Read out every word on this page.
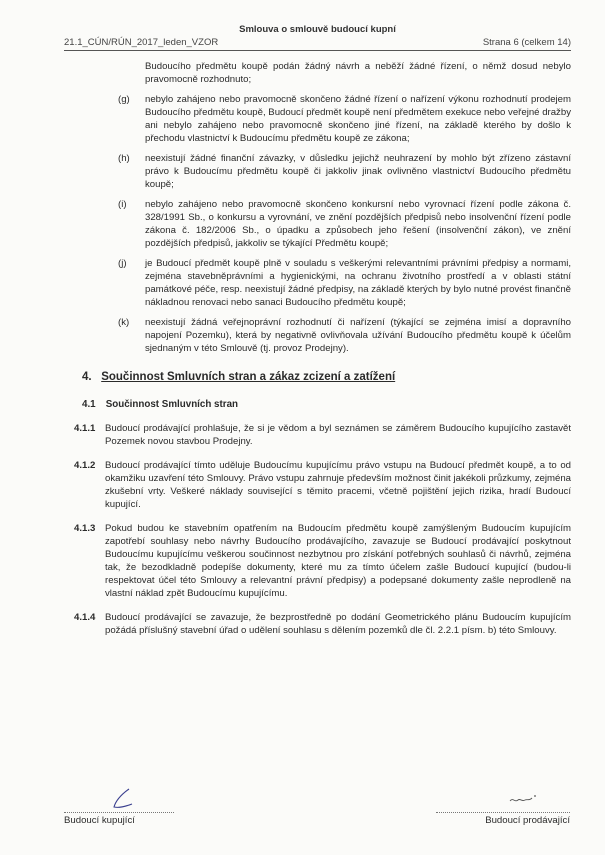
Smlouva o smlouvě budoucí kupní
21.1_CÚN/RÚN_2017_leden_VZOR	Strana 6 (celkem 14)

Budoucího předmětu koupě podán žádný návrh a neběží žádné řízení, o němž dosud nebylo pravomocně rozhodnuto;

(g)	nebylo zahájeno nebo pravomocně skončeno žádné řízení o nařízení výkonu rozhodnutí prodejem Budoucího předmětu koupě, Budoucí předmět koupě není předmětem exekuce nebo veřejné dražby ani nebylo zahájeno nebo pravomocně skončeno jiné řízení, na základě kterého by došlo k přechodu vlastnictví k Budoucímu předmětu koupě ze zákona;
(h)	neexistují žádné finanční závazky, v důsledku jejichž neuhrazení by mohlo být zřízeno zástavní právo k Budoucímu předmětu koupě či jakkoliv jinak ovlivněno vlastnictví Budoucího předmětu koupě;
(i)	nebylo zahájeno nebo pravomocně skončeno konkursní nebo vyrovnací řízení podle zákona č. 328/1991 Sb., o konkursu a vyrovnání, ve znění pozdějších předpisů nebo insolvenční řízení podle zákona č. 182/2006 Sb., o úpadku a způsobech jeho řešení (insolvenční zákon), ve znění pozdějších předpisů, jakkoliv se týkající Předmětu koupě;
(j)	je Budoucí předmět koupě plně v souladu s veškerými relevantními právními předpisy a normami, zejména stavebněprávními a hygienickými, na ochranu životního prostředí a v oblasti státní památkové péče, resp. neexistují žádné předpisy, na základě kterých by bylo nutné provést finančně nákladnou renovaci nebo sanaci Budoucího předmětu koupě;
(k)	neexistují žádná veřejnoprávní rozhodnutí či nařízení (týkající se zejména imisí a dopravního napojení Pozemku), která by negativně ovlivňovala užívání Budoucího předmětu koupě k účelům sjednaným v této Smlouvě (tj. provoz Prodejny).
4. Součinnost Smluvních stran a zákaz zcizení a zatížení
4.1 Součinnost Smluvních stran
4.1.1	Budoucí prodávající prohlašuje, že si je vědom a byl seznámen se záměrem Budoucího kupujícího zastavět Pozemek novou stavbou Prodejny.
4.1.2	Budoucí prodávající tímto uděluje Budoucímu kupujícímu právo vstupu na Budoucí předmět koupě, a to od okamžiku uzavření této Smlouvy. Právo vstupu zahrnuje především možnost činit jakékoli průzkumy, zejména zkušební vrty. Veškeré náklady související s těmito pracemi, včetně pojištění jejich rizika, hradí Budoucí kupující.
4.1.3	Pokud budou ke stavebním opatřením na Budoucím předmětu koupě zamýšleným Budoucím kupujícím zapotřebí souhlasy nebo návrhy Budoucího prodávajícího, zavazuje se Budoucí prodávající poskytnout Budoucímu kupujícímu veškerou součinnost nezbytnou pro získání potřebných souhlasů či návrhů, zejména tak, že bezodkladně podepíše dokumenty, které mu za tímto účelem zašle Budoucí kupující (budou-li respektovat účel této Smlouvy a relevantní právní předpisy) a podepsané dokumenty zašle neprodleně na vlastní náklad zpět Budoucímu kupujícímu.
4.1.4	Budoucí prodávající se zavazuje, že bezprostředně po dodání Geometrického plánu Budoucím kupujícím požádá příslušný stavební úřad o udělení souhlasu s dělením pozemků dle čl. 2.2.1 písm. b) této Smlouvy.
Budoucí kupující	Budoucí prodávající
